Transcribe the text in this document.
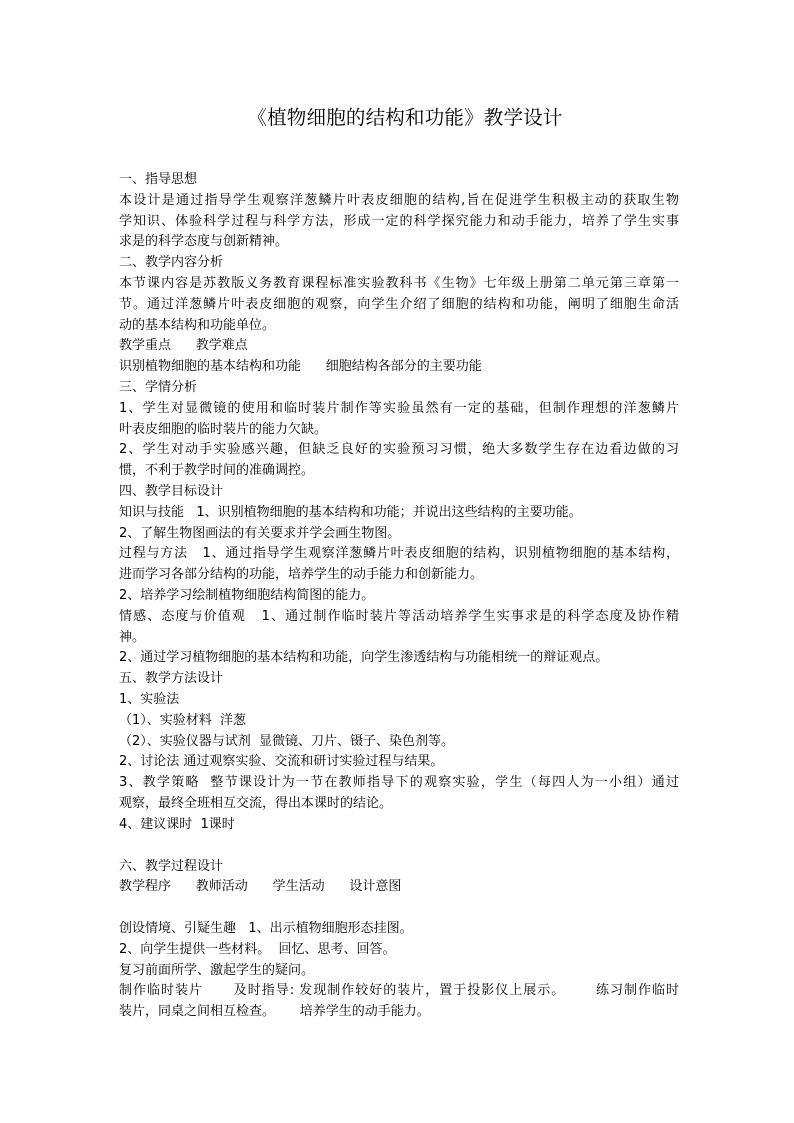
《植物细胞的结构和功能》教学设计
一、指导思想
本设计是通过指导学生观察洋葱鳞片叶表皮细胞的结构,旨在促进学生积极主动的获取生物
学知识、体验科学过程与科学方法，形成一定的科学探究能力和动手能力，培养了学生实事
求是的科学态度与创新精神。
二、教学内容分析
本节课内容是苏教版义务教育课程标准实验教科书《生物》七年级上册第二单元第三章第一
节。通过洋葱鳞片叶表皮细胞的观察，向学生介绍了细胞的结构和功能，阐明了细胞生命活
动的基本结构和功能单位。
教学重点      教学难点
识别植物细胞的基本结构和功能      细胞结构各部分的主要功能
三、学情分析
1、学生对显微镜的使用和临时装片制作等实验虽然有一定的基础，但制作理想的洋葱鳞片
叶表皮细胞的临时装片的能力欠缺。
2、学生对动手实验感兴趣，但缺乏良好的实验预习习惯，绝大多数学生存在边看边做的习
惯，不利于教学时间的准确调控。
四、教学目标设计
知识与技能   1、识别植物细胞的基本结构和功能；并说出这些结构的主要功能。
2、了解生物图画法的有关要求并学会画生物图。
过程与方法   1、通过指导学生观察洋葱鳞片叶表皮细胞的结构，识别植物细胞的基本结构，
进而学习各部分结构的功能，培养学生的动手能力和创新能力。
2、培养学习绘制植物细胞结构简图的能力。
情感、态度与价值观   1、通过制作临时装片等活动培养学生实事求是的科学态度及协作精
神。
2、通过学习植物细胞的基本结构和功能，向学生渗透结构与功能相统一的辩证观点。
五、教学方法设计
1、实验法
（1）、实验材料  洋葱
（2）、实验仪器与试剂  显微镜、刀片、镊子、染色剂等。
2、讨论法 通过观察实验、交流和研讨实验过程与结果。
3、教学策略  整节课设计为一节在教师指导下的观察实验，学生（每四人为一小组）通过
观察，最终全班相互交流，得出本课时的结论。
4、建议课时  1课时
六、教学过程设计
教学程序      教师活动      学生活动      设计意图
创设情境、引疑生趣   1、出示植物细胞形态挂图。
2、向学生提供一些材料。  回忆、思考、回答。
复习前面所学、激起学生的疑问。
制作临时装片      及时指导: 发现制作较好的装片，置于投影仪上展示。      练习制作临时
装片，同桌之间相互检查。      培养学生的动手能力。
